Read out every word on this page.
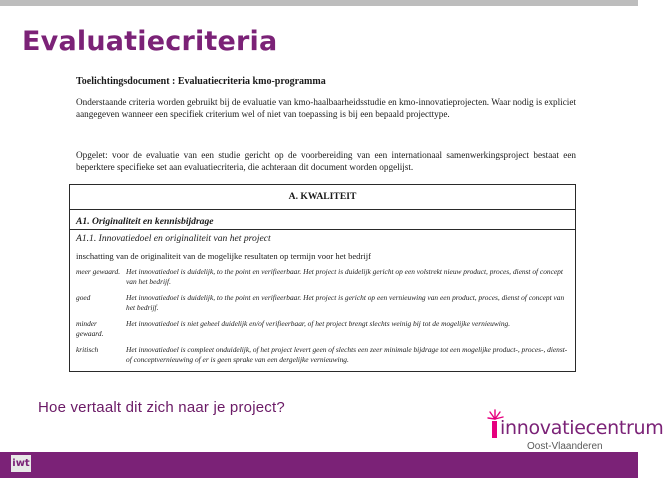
Evaluatiecriteria
Toelichtingsdocument : Evaluatiecriteria kmo-programma
Onderstaande criteria worden gebruikt bij de evaluatie van kmo-haalbaarheidsstudie en kmo-innovatieprojecten. Waar nodig is expliciet aangegeven wanneer een specifiek criterium wel of niet van toepassing is bij een bepaald projecttype.
Opgelet: voor de evaluatie van een studie gericht op de voorbereiding van een internationaal samenwerkingsproject bestaat een beperktere specifieke set aan evaluatiecriteria, die achteraan dit document worden opgelijst.
A. KWALITEIT
A1. Originaliteit en kennisbijdrage
A1.1. Innovatiedoel en originaliteit van het project
inschatting van de originaliteit van de mogelijke resultaten op termijn voor het bedrijf
meer gewaard. Het innovatiedoel is duidelijk, to the point en verifieerbaar. Het project is duidelijk gericht op een volstrekt nieuw product, proces, dienst of concept van het bedrijf.
goed	Het innovatiedoel is duidelijk, to the point en verifieerbaar. Het project is gericht op een vernieuwing van een product, proces, dienst of concept van het bedrijf.
minder gewaard.
Het innovatiedoel is niet geheel duidelijk en/of verifieerbaar, of het project brengt slechts weinig bij tot de mogelijke vernieuwing.
kritisch	Het innovatiedoel is compleet onduidelijk, of het project levert geen of slechts een zeer minimale bijdrage tot een mogelijke product-, proces-, dienst- of conceptvernieuwing of er is geen sprake van een dergelijke vernieuwing.
Hoe vertaalt dit zich naar je project?
innovatiecentrum
Oost-Vlaanderen
iwt
